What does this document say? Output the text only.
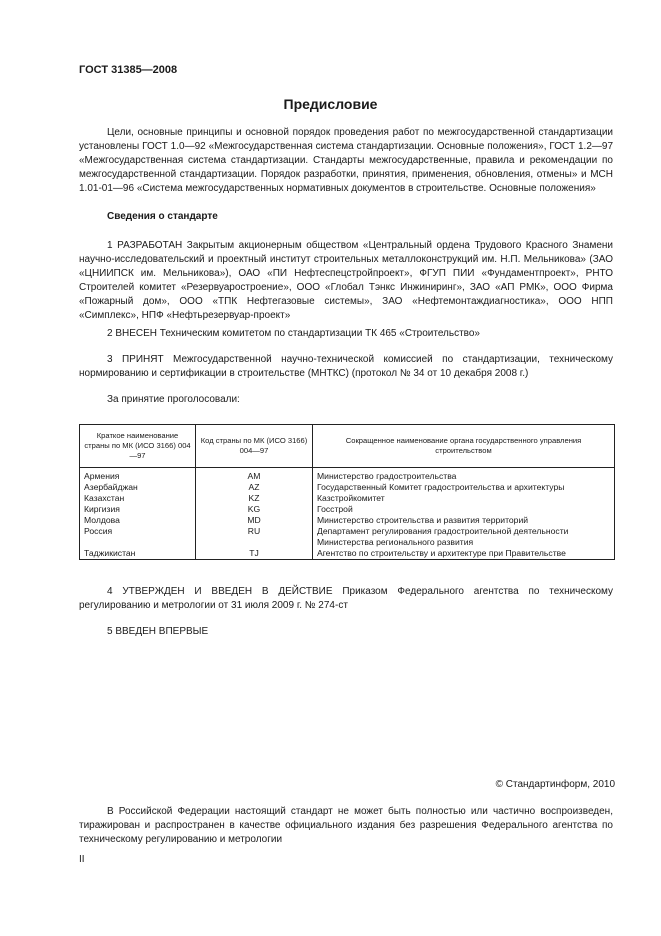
ГОСТ 31385—2008
Предисловие

Цели, основные принципы и основной порядок проведения работ по межгосударственной стандартизации установлены ГОСТ 1.0—92 «Межгосударственная система стандартизации. Основные положения», ГОСТ 1.2—97 «Межгосударственная система стандартизации. Стандарты межгосударственные, правила и рекомендации по межгосударственной стандартизации. Порядок разработки, принятия, применения, обновления, отмены» и МСН 1.01-01—96 «Система межгосударственных нормативных документов в строительстве. Основные положения»

Сведения о стандарте

1 РАЗРАБОТАН Закрытым акционерным обществом «Центральный ордена Трудового Красного Знамени научно-исследовательский и проектный институт строительных металлоконструкций им. Н.П. Мельникова» (ЗАО «ЦНИИПСК им. Мельникова»), ОАО «ПИ Нефтеспецстройпроект», ФГУП ПИИ «Фундаментпроект», РНТО Строителей комитет «Резервуаростроение», ООО «Глобал Тэнкс Инжиниринг», ЗАО «АП РМК», ООО Фирма «Пожарный дом», ООО «ТПК Нефтегазовые системы», ЗАО «Нефтемонтаждиагностика», ООО НПП «Симплекс», НПФ «Нефтьрезервуар-проект»

2 ВНЕСЕН Техническим комитетом по стандартизации ТК 465 «Строительство»

3 ПРИНЯТ Межгосударственной научно-технической комиссией по стандартизации, техническому нормированию и сертификации в строительстве (МНТКС) (протокол № 34 от 10 декабря 2008 г.)

За принятие проголосовали:
Краткое наименование страны по МК (ИСО 3166) 004—97	Код страны по МК (ИСО 3166) 004—97	Сокращенное наименование органа государственного управления строительством
Армения	AM	Министерство градостроительства
Азербайджан	AZ	Государственный Комитет градостроительства и архитектуры
Казахстан	KZ	Казстройкомитет
Киргизия	KG	Госстрой
Молдова	MD	Министерство строительства и развития территорий
Россия	RU	Департамент регулирования градостроительной деятельности
		Министерства регионального развития
Таджикистан	TJ	Агентство по строительству и архитектуре при Правительстве

4 УТВЕРЖДЕН И ВВЕДЕН В ДЕЙСТВИЕ Приказом Федерального агентства по техническому регулированию и метрологии от 31 июля 2009 г. № 274-ст

5 ВВЕДЕН ВПЕРВЫЕ
© Стандартинформ, 2010

В Российской Федерации настоящий стандарт не может быть полностью или частично воспроизведен, тиражирован и распространен в качестве официального издания без разрешения Федерального агентства по техническому регулированию и метрологии

II
